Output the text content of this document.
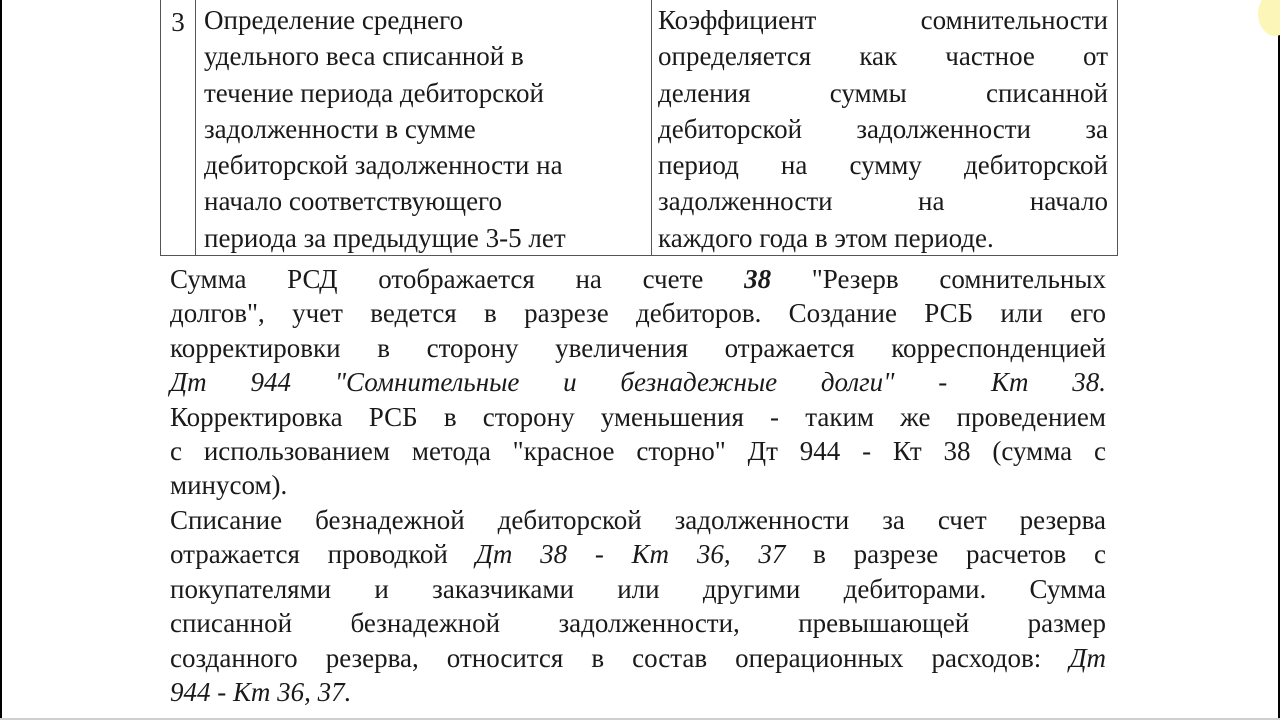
3 Определение среднего
удельного веса списанной в
течение периода дебиторской
задолженности в сумме
дебиторской задолженности на
начало соответствующего
периода за предыдущие 3-5 лет
Коэффициент сомнительности
определяется как частное от
деления суммы списанной
дебиторской задолженности за
период на сумму дебиторской
задолженности на начало
каждого года в этом периоде.
Сумма РСД отображается на счете 38 "Резерв сомнительных
долгов", учет ведется в разрезе дебиторов. Создание РСБ или его
корректировки в сторону увеличения отражается корреспонденцией
Дт 944 "Сомнительные и безнадежные долги" - Кт 38.
Корректировка РСБ в сторону уменьшения - таким же проведением
с использованием метода "красное сторно" Дт 944 - Кт 38 (сумма с
минусом).
Списание безнадежной дебиторской задолженности за счет резерва
отражается проводкой Дт 38 - Кт 36, 37 в разрезе расчетов с
покупателями и заказчиками или другими дебиторами. Сумма
списанной безнадежной задолженности, превышающей размер
созданного резерва, относится в состав операционных расходов: Дт
944 - Кт 36, 37.
